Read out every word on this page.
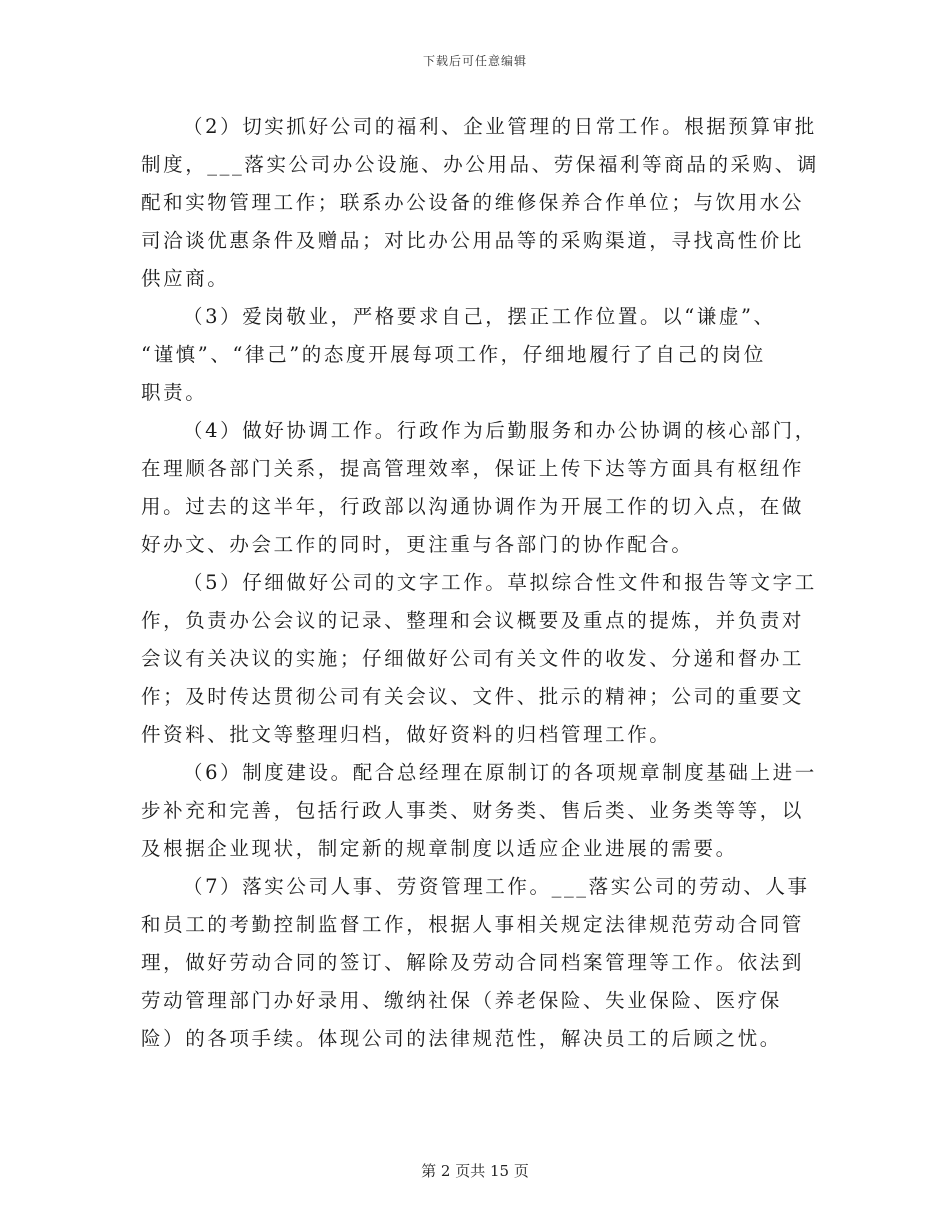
下载后可任意编辑
（2）切实抓好公司的福利、企业管理的日常工作。根据预算审批
制度，___落实公司办公设施、办公用品、劳保福利等商品的采购、调
配和实物管理工作；联系办公设备的维修保养合作单位；与饮用水公
司洽谈优惠条件及赠品；对比办公用品等的采购渠道，寻找高性价比
供应商。
（3）爱岗敬业，严格要求自己，摆正工作位置。以“谦虚”、
“谨慎”、“律己”的态度开展每项工作，仔细地履行了自己的岗位
职责。
（4）做好协调工作。行政作为后勤服务和办公协调的核心部门，
在理顺各部门关系，提高管理效率，保证上传下达等方面具有枢纽作
用。过去的这半年，行政部以沟通协调作为开展工作的切入点，在做
好办文、办会工作的同时，更注重与各部门的协作配合。
（5）仔细做好公司的文字工作。草拟综合性文件和报告等文字工
作，负责办公会议的记录、整理和会议概要及重点的提炼，并负责对
会议有关决议的实施；仔细做好公司有关文件的收发、分递和督办工
作；及时传达贯彻公司有关会议、文件、批示的精神；公司的重要文
件资料、批文等整理归档，做好资料的归档管理工作。
（6）制度建设。配合总经理在原制订的各项规章制度基础上进一
步补充和完善，包括行政人事类、财务类、售后类、业务类等等，以
及根据企业现状，制定新的规章制度以适应企业进展的需要。
（7）落实公司人事、劳资管理工作。___落实公司的劳动、人事
和员工的考勤控制监督工作，根据人事相关规定法律规范劳动合同管
理，做好劳动合同的签订、解除及劳动合同档案管理等工作。依法到
劳动管理部门办好录用、缴纳社保（养老保险、失业保险、医疗保
险）的各项手续。体现公司的法律规范性，解决员工的后顾之忧。
第 2 页共 15 页
